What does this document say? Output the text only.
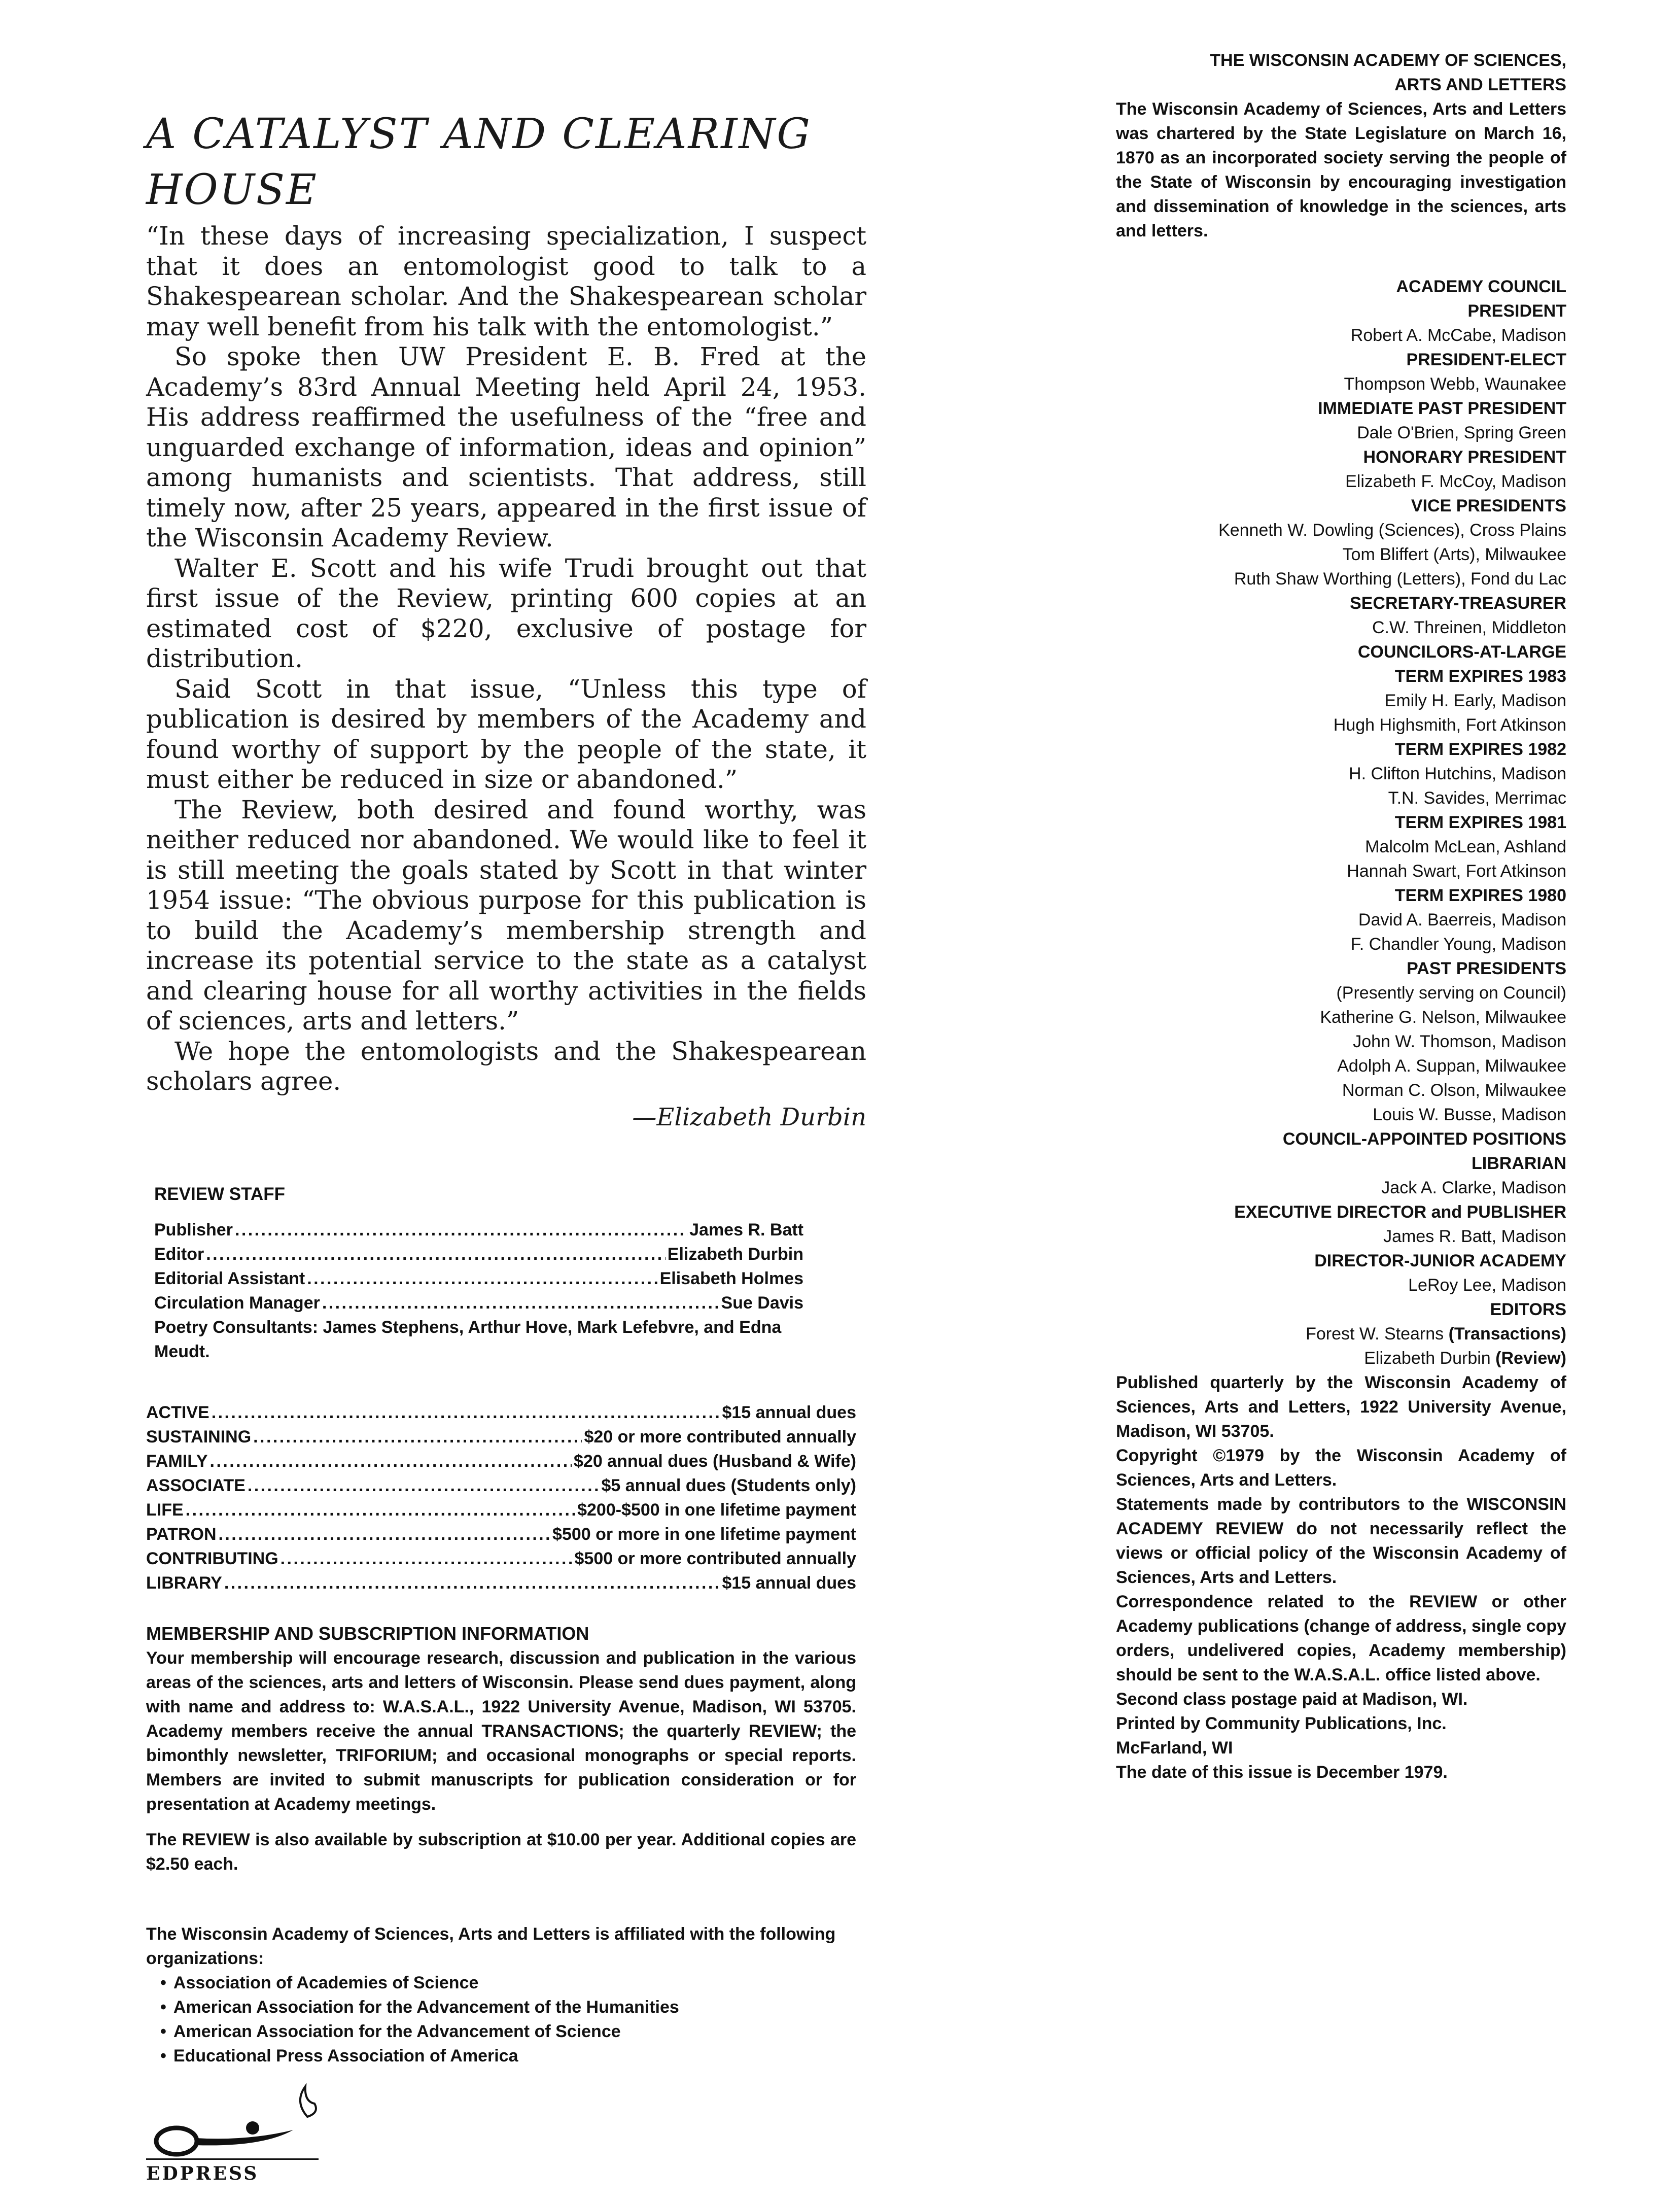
A CATALYST AND CLEARING HOUSE

“In these days of increasing specialization, I suspect that it does an entomologist good to talk to a Shakespearean scholar. And the Shakespearean scholar may well benefit from his talk with the entomologist.”

So spoke then UW President E. B. Fred at the Academy’s 83rd Annual Meeting held April 24, 1953. His address reaffirmed the usefulness of the “free and unguarded exchange of information, ideas and opinion” among humanists and scientists. That address, still timely now, after 25 years, appeared in the first issue of the Wisconsin Academy Review.

Walter E. Scott and his wife Trudi brought out that first issue of the Review, printing 600 copies at an estimated cost of $220, exclusive of postage for distribution.

Said Scott in that issue, “Unless this type of publication is desired by members of the Academy and found worthy of support by the people of the state, it must either be reduced in size or abandoned.”

The Review, both desired and found worthy, was neither reduced nor abandoned. We would like to feel it is still meeting the goals stated by Scott in that winter 1954 issue: “The obvious purpose for this publication is to build the Academy’s membership strength and increase its potential service to the state as a catalyst and clearing house for all worthy activities in the fields of sciences, arts and letters.”

We hope the entomologists and the Shakespearean scholars agree.

—Elizabeth Durbin
REVIEW STAFF
Publisher . . .	James R. Batt
Editor . . .	Elizabeth Durbin
Editorial Assistant . . .	Elisabeth Holmes
Circulation Manager . . .	Sue Davis
Poetry Consultants: James Stephens, Arthur Hove, Mark Lefebvre, and Edna Meudt.
ACTIVE . . .	$15 annual dues
SUSTAINING . . .	$20 or more contributed annually
FAMILY . . .	$20 annual dues (Husband & Wife)
ASSOCIATE . . .	$5 annual dues (Students only)
LIFE . . .	$200-$500 in one lifetime payment
PATRON . . .	$500 or more in one lifetime payment
CONTRIBUTING . . .	$500 or more contributed annually
LIBRARY . . .	$15 annual dues
MEMBERSHIP AND SUBSCRIPTION INFORMATION

Your membership will encourage research, discussion and publication in the various areas of the sciences, arts and letters of Wisconsin. Please send dues payment, along with name and address to: W.A.S.A.L., 1922 University Avenue, Madison, WI 53705. Academy members receive the annual TRANSACTIONS; the quarterly REVIEW; the bimonthly newsletter, TRIFORIUM; and occasional monographs or special reports. Members are invited to submit manuscripts for publication consideration or for presentation at Academy meetings.

The REVIEW is also available by subscription at $10.00 per year. Additional copies are $2.50 each.

The Wisconsin Academy of Sciences, Arts and Letters is affiliated with the following organizations:

• Association of Academies of Science
• American Association for the Advancement of the Humanities
• American Association for the Advancement of Science
• Educational Press Association of America
EDPRESS
THE WISCONSIN ACADEMY OF SCIENCES,
ARTS AND LETTERS
The Wisconsin Academy of Sciences, Arts and Letters was chartered by the State Legislature on March 16, 1870 as an incorporated society serving the people of the State of Wisconsin by encouraging investigation and dissemination of knowledge in the sciences, arts and letters.
ACADEMY COUNCIL
PRESIDENT
Robert A. McCabe, Madison
PRESIDENT-ELECT
Thompson Webb, Waunakee
IMMEDIATE PAST PRESIDENT
Dale O'Brien, Spring Green
HONORARY PRESIDENT
Elizabeth F. McCoy, Madison
VICE PRESIDENTS
Kenneth W. Dowling (Sciences), Cross Plains
Tom Bliffert (Arts), Milwaukee
Ruth Shaw Worthing (Letters), Fond du Lac
SECRETARY-TREASURER
C.W. Threinen, Middleton
COUNCILORS-AT-LARGE
TERM EXPIRES 1983
Emily H. Early, Madison
Hugh Highsmith, Fort Atkinson
TERM EXPIRES 1982
H. Clifton Hutchins, Madison
T.N. Savides, Merrimac
TERM EXPIRES 1981
Malcolm McLean, Ashland
Hannah Swart, Fort Atkinson
TERM EXPIRES 1980
David A. Baerreis, Madison
F. Chandler Young, Madison
PAST PRESIDENTS
(Presently serving on Council)
Katherine G. Nelson, Milwaukee
John W. Thomson, Madison
Adolph A. Suppan, Milwaukee
Norman C. Olson, Milwaukee
Louis W. Busse, Madison
COUNCIL-APPOINTED POSITIONS
LIBRARIAN
Jack A. Clarke, Madison
EXECUTIVE DIRECTOR and PUBLISHER
James R. Batt, Madison
DIRECTOR-JUNIOR ACADEMY
LeRoy Lee, Madison
EDITORS
Forest W. Stearns (Transactions)
Elizabeth Durbin (Review)

Published quarterly by the Wisconsin Academy of Sciences, Arts and Letters, 1922 University Avenue, Madison, WI 53705.

Copyright ©1979 by the Wisconsin Academy of Sciences, Arts and Letters.

Statements made by contributors to the WISCONSIN ACADEMY REVIEW do not necessarily reflect the views or official policy of the Wisconsin Academy of Sciences, Arts and Letters.

Correspondence related to the REVIEW or other Academy publications (change of address, single copy orders, undelivered copies, Academy membership) should be sent to the W.A.S.A.L. office listed above.

Second class postage paid at Madison, WI.

Printed by Community Publications, Inc.

McFarland, WI

The date of this issue is December 1979.
